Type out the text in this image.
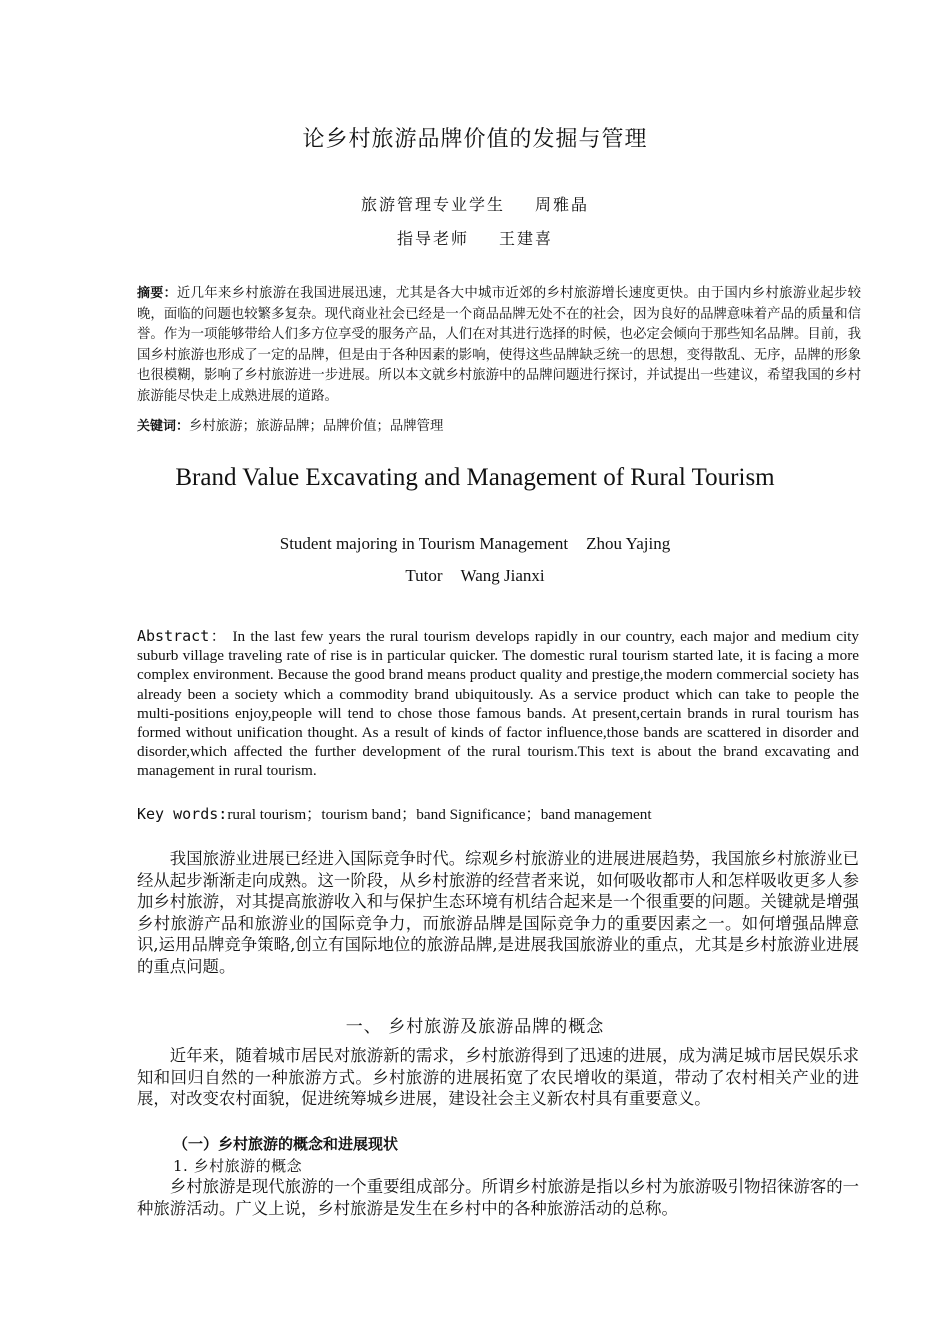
论乡村旅游品牌价值的发掘与管理
旅游管理专业学生 周雅晶
指导老师 王建喜
摘要：近几年来乡村旅游在我国进展迅速，尤其是各大中城市近郊的乡村旅游增长速度更快。由于国内乡村旅游业起步较晚，面临的问题也较繁多复杂。现代商业社会已经是一个商品品牌无处不在的社会，因为良好的品牌意味着产品的质量和信誉。作为一项能够带给人们多方位享受的服务产品，人们在对其进行选择的时候，也必定会倾向于那些知名品牌。目前，我国乡村旅游也形成了一定的品牌，但是由于各种因素的影响，使得这些品牌缺乏统一的思想，变得散乱、无序，品牌的形象也很模糊，影响了乡村旅游进一步进展。所以本文就乡村旅游中的品牌问题进行探讨，并试提出一些建议，希望我国的乡村旅游能尽快走上成熟进展的道路。
关键词：乡村旅游；旅游品牌；品牌价值；品牌管理
Brand Value Excavating and Management of Rural Tourism
Student majoring in Tourism Management Zhou Yajing
Tutor Wang Jianxi
Abstract： In the last few years the rural tourism develops rapidly in our country, each major and medium city suburb village traveling rate of rise is in particular quicker. The domestic rural tourism started late, it is facing a more complex environment. Because the good brand means product quality and prestige,the modern commercial society has already been a society which a commodity brand ubiquitously. As a service product which can take to people the multi-positions enjoy,people will tend to chose those famous bands. At present,certain brands in rural tourism has formed without unification thought. As a result of kinds of factor influence,those bands are scattered in disorder and disorder,which affected the further development of the rural tourism.This text is about the brand excavating and management in rural tourism.
Key words:rural tourism；tourism band；band Significance；band management
我国旅游业进展已经进入国际竞争时代。综观乡村旅游业的进展进展趋势，我国旅乡村旅游业已经从起步渐渐走向成熟。这一阶段，从乡村旅游的经营者来说，如何吸收都市人和怎样吸收更多人参加乡村旅游，对其提高旅游收入和与保护生态环境有机结合起来是一个很重要的问题。关键就是增强乡村旅游产品和旅游业的国际竞争力，而旅游品牌是国际竞争力的重要因素之一。如何增强品牌意识,运用品牌竞争策略,创立有国际地位的旅游品牌,是进展我国旅游业的重点，尤其是乡村旅游业进展的重点问题。
一、 乡村旅游及旅游品牌的概念
近年来，随着城市居民对旅游新的需求，乡村旅游得到了迅速的进展，成为满足城市居民娱乐求知和回归自然的一种旅游方式。乡村旅游的进展拓宽了农民增收的渠道，带动了农村相关产业的进展，对改变农村面貌，促进统筹城乡进展，建设社会主义新农村具有重要意义。
（一）乡村旅游的概念和进展现状
1. 乡村旅游的概念
乡村旅游是现代旅游的一个重要组成部分。所谓乡村旅游是指以乡村为旅游吸引物招徕游客的一种旅游活动。广义上说，乡村旅游是发生在乡村中的各种旅游活动的总称。
